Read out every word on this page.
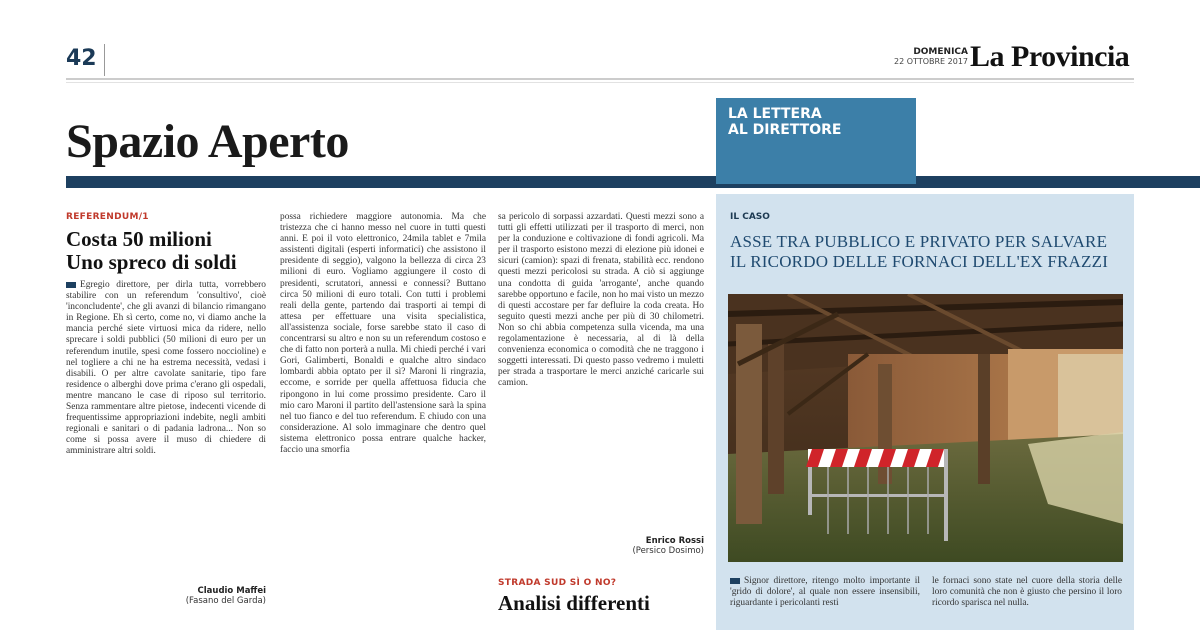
42	DOMENICA
22 OTTOBRE 2017 La Provincia
Spazio Aperto
LA LETTERA
AL DIRETTORE
REFERENDUM/1
Costa 50 milioni
Uno spreco di soldi
Egregio direttore, per dirla tutta, vorrebbero stabilire con un referendum 'consultivo', cioè 'inconcludente', che gli avanzi di bilancio rimangano in Regione. Eh sì certo, come no, vi diamo anche la mancia perché siete virtuosi mica da ridere, nello sprecare i soldi pubblici (50 milioni di euro per un referendum inutile, spesi come fossero noccioline) e nel togliere a chi ne ha estrema necessità, vedasi i disabili. O per altre cavolate sanitarie, tipo fare residence o alberghi dove prima c'erano gli ospedali, mentre mancano le case di riposo sul territorio. Senza rammentare altre pietose, indecenti vicende di frequentissime appropriazioni indebite, negli ambiti regionali e sanitari o di padania ladrona... Non so come si possa avere il muso di chiedere di amministrare altri soldi.
Claudio Maffei
(Fasano del Garda)
possa richiedere maggiore autonomia. Ma che tristezza che ci hanno messo nel cuore in tutti questi anni. E poi il voto elettronico, 24mila tablet e 7mila assistenti digitali (esperti informatici) che assistono il presidente di seggio), valgono la bellezza di circa 23 milioni di euro. Vogliamo aggiungere il costo di presidenti, scrutatori, annessi e connessi? Buttano circa 50 milioni di euro totali. Con tutti i problemi reali della gente, partendo dai trasporti ai tempi di attesa per effettuare una visita specialistica, all'assistenza sociale, forse sarebbe stato il caso di concentrarsi su altro e non su un referendum costoso e che di fatto non porterà a nulla. Mi chiedi perché i vari Gori, Galimberti, Bonaldi e qualche altro sindaco lombardi abbia optato per il sì? Maroni li ringrazia, eccome, e sorride per quella affettuosa fiducia che ripongono in lui come prossimo presidente. Caro il mio caro Maroni il partito dell'astensione sarà la spina nel tuo fianco e del tuo referendum. E chiudo con una considerazione. Al solo immaginare che dentro quel sistema elettronico possa entrare qualche hacker, faccio una smorfia
sa pericolo di sorpassi azzardati. Questi mezzi sono a tutti gli effetti utilizzati per il trasporto di merci, non per la conduzione e coltivazione di fondi agricoli. Ma per il trasporto esistono mezzi di elezione più idonei e sicuri (camion): spazi di frenata, stabilità ecc. rendono questi mezzi pericolosi su strada. A ciò si aggiunge una condotta di guida 'arrogante', anche quando sarebbe opportuno e facile, non ho mai visto un mezzo di questi accostare per far defluire la coda creata. Ho seguito questi mezzi anche per più di 30 chilometri. Non so chi abbia competenza sulla vicenda, ma una regolamentazione è necessaria, al di là della convenienza economica o comodità che ne traggono i soggetti interessati. Di questo passo vedremo i muletti per strada a trasportare le merci anziché caricarle sui camion.
Enrico Rossi
(Persico Dosimo)
STRADA SUD SÌ O NO?
Analisi differenti
IL CASO
ASSE TRA PUBBLICO E PRIVATO PER SALVARE
IL RICORDO DELLE FORNACI DELL'EX FRAZZI
Signor direttore, ritengo molto importante il 'grido di dolore', al quale non essere insensibili, riguardante i pericolanti resti
le fornaci sono state nel cuore della storia delle loro comunità che non è giusto che persino il loro ricordo sparisca nel nulla.
